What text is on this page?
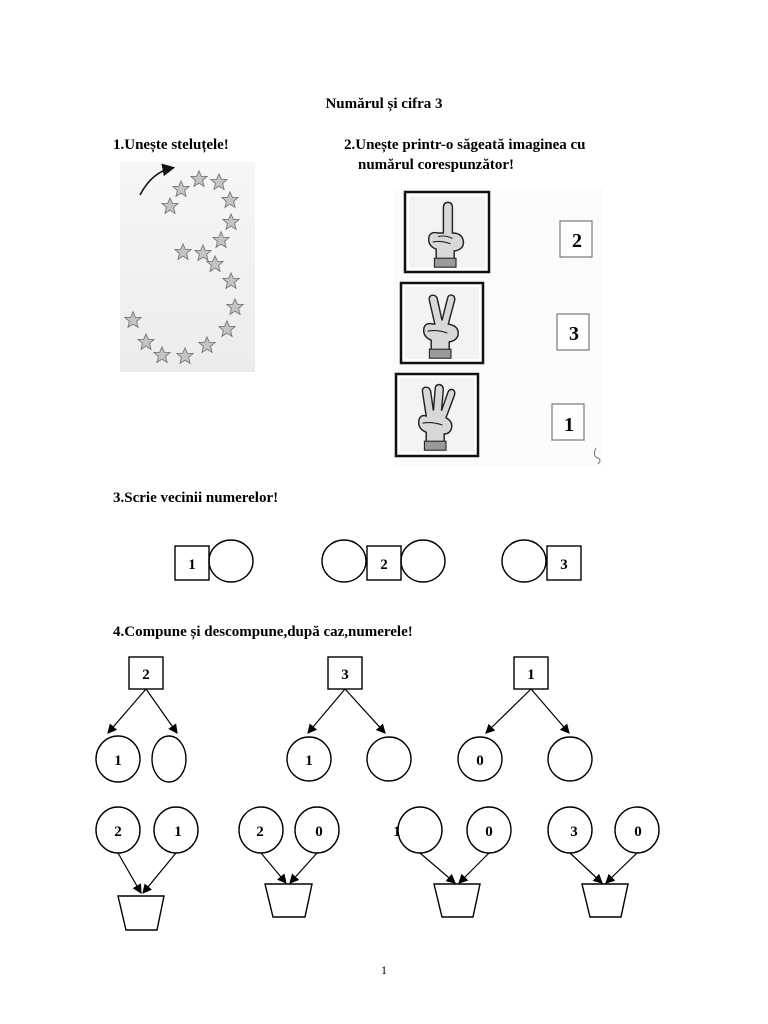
Numărul și cifra 3
1.Unește steluțele!	2.Unește printr-o săgeată imaginea cu
numărul corespunzător!
3.Scrie vecinii numerelor!
4.Compune și descompune,după caz,numerele!
2
3
1
1	2	3
2
1
3
1
1
0
2	1	2	0	1	0	3	0
1
